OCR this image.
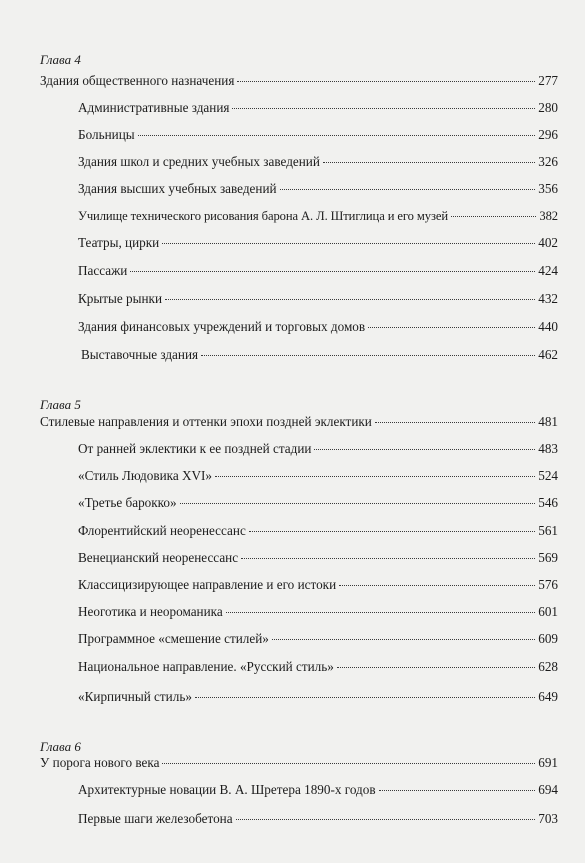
Глава 4
Здания общественного назначения	277
Административные здания	280
Больницы	296
Здания школ и средних учебных заведений	326
Здания высших учебных заведений	356
Училище технического рисования барона А. Л. Штиглица и его музей	382
Театры, цирки	402
Пассажи	424
Крытые рынки	432
Здания финансовых учреждений и торговых домов	440
Выставочные здания	462
Глава 5
Стилевые направления и оттенки эпохи поздней эклектики	481
От ранней эклектики к ее поздней стадии	483
«Стиль Людовика XVI»	524
«Третье барокко»	546
Флорентийский неоренессанс	561
Венецианский неоренессанс	569
Классицизирующее направление и его истоки	576
Неоготика и неороманика	601
Программное «смешение стилей»	609
Национальное направление. «Русский стиль»	628
«Кирпичный стиль»	649
Глава 6
У порога нового века	691
Архитектурные новации В. А. Шретера 1890-х годов	694
Первые шаги железобетона	703
